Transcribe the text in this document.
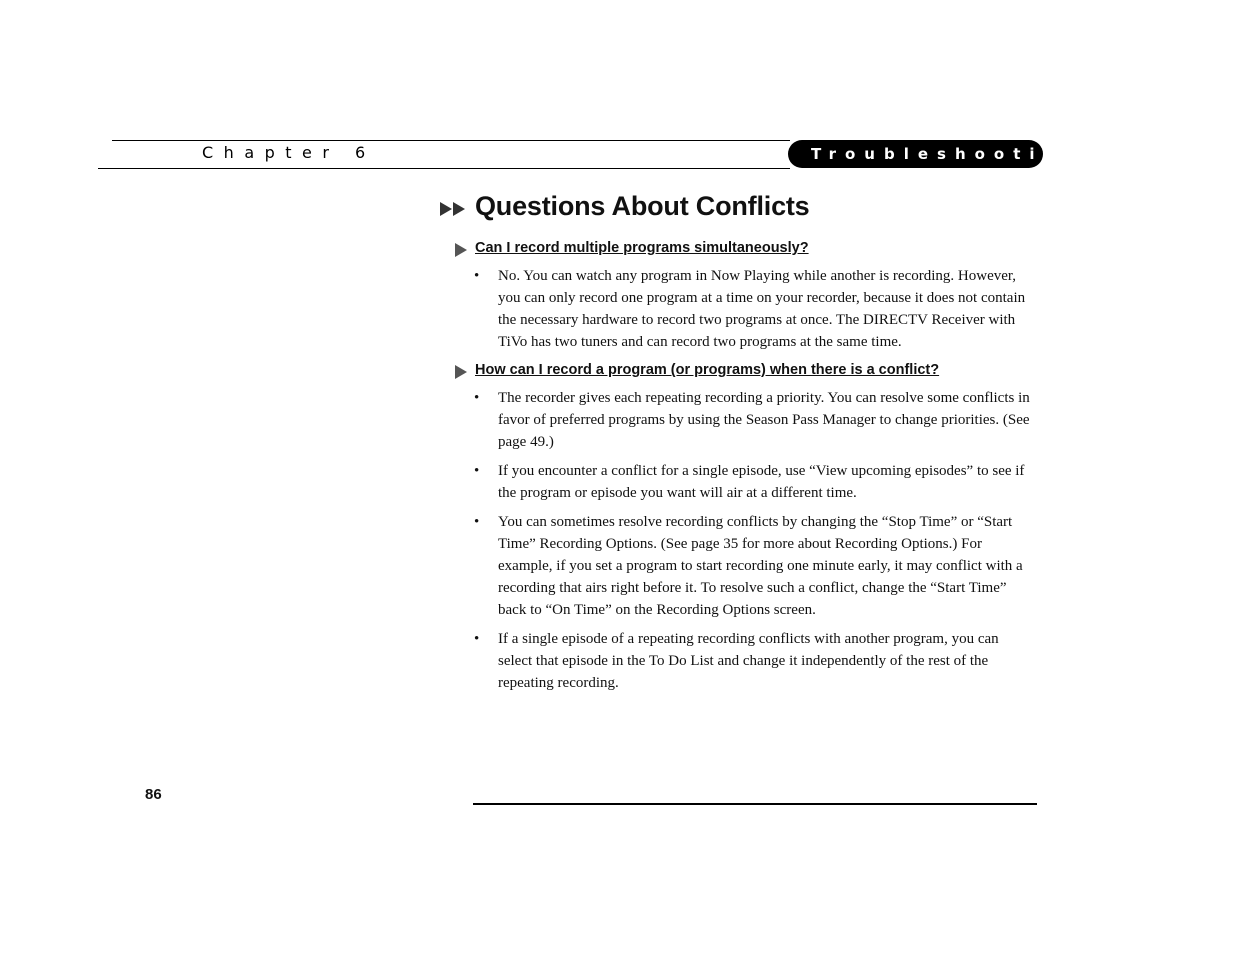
Chapter 6	Troubleshooting
Questions About Conflicts
Can I record multiple programs simultaneously?
• No. You can watch any program in Now Playing while another is recording. However, you can only record one program at a time on your recorder, because it does not contain the necessary hardware to record two programs at once. The DIRECTV Receiver with TiVo has two tuners and can record two programs at the same time.
How can I record a program (or programs) when there is a conflict?
• The recorder gives each repeating recording a priority. You can resolve some conflicts in favor of preferred programs by using the Season Pass Manager to change priorities. (See page 49.)
• If you encounter a conflict for a single episode, use “View upcoming episodes” to see if the program or episode you want will air at a different time.
• You can sometimes resolve recording conflicts by changing the “Stop Time” or “Start Time” Recording Options. (See page 35 for more about Recording Options.) For example, if you set a program to start recording one minute early, it may conflict with a recording that airs right before it. To resolve such a conflict, change the “Start Time” back to “On Time” on the Recording Options screen.
• If a single episode of a repeating recording conflicts with another program, you can select that episode in the To Do List and change it independently of the rest of the repeating recording.
86
